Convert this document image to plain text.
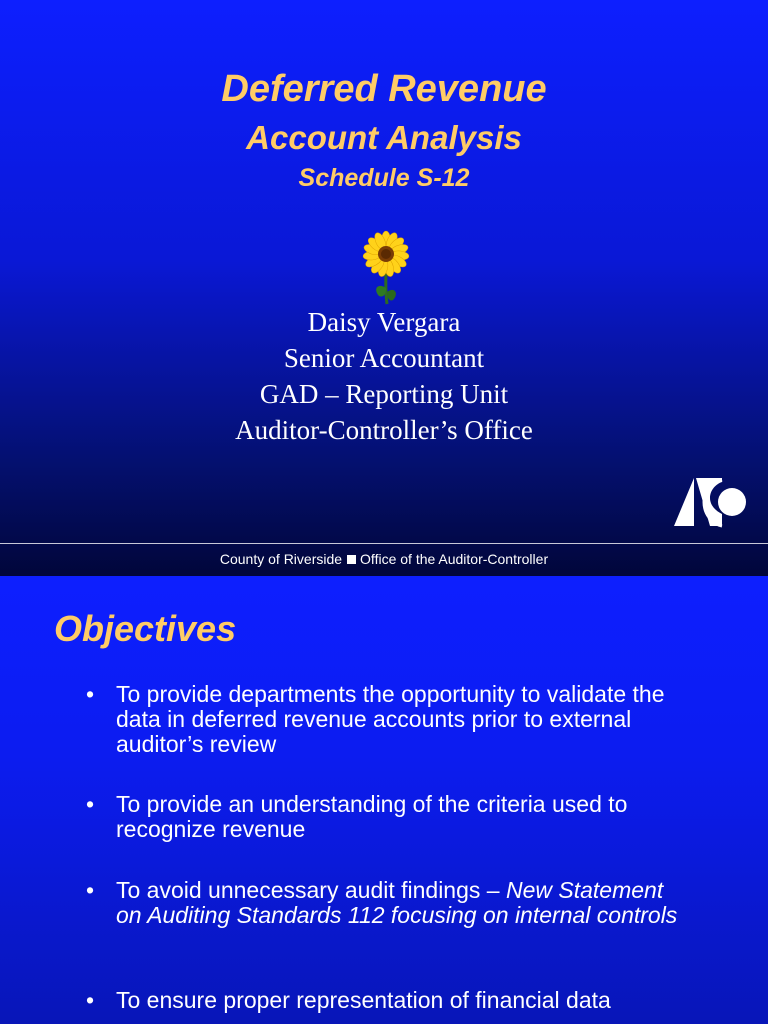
Deferred Revenue
Account Analysis
Schedule S-12
Daisy Vergara
Senior Accountant
GAD – Reporting Unit
Auditor-Controller’s Office
County of Riverside Office of the Auditor-Controller
Objectives
• To provide departments the opportunity to validate the data in deferred revenue accounts prior to external auditor’s review
• To provide an understanding of the criteria used to recognize revenue
• To avoid unnecessary audit findings – New Statement on Auditing Standards 112 focusing on internal controls
• To ensure proper representation of financial data
